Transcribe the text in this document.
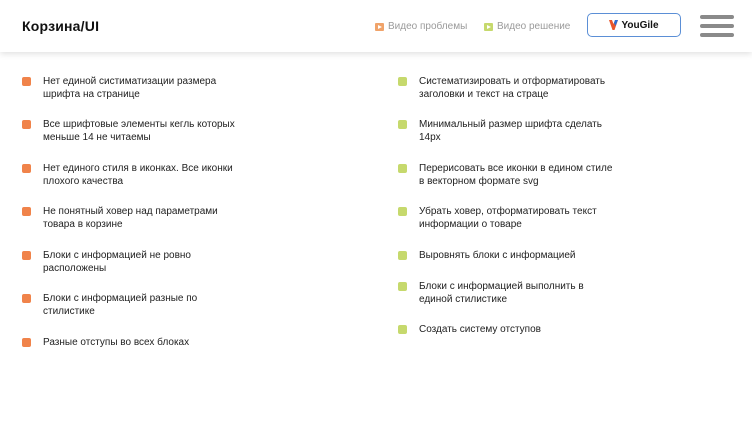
Корзина/UI	Видео проблемы	Видео решение	YouGile
Нет единой систиматизации размера
шрифта на странице
Все шрифтовые элементы кегль которых
меньше 14 не читаемы
Нет единого стиля в иконках. Все иконки
плохого качества
Не понятный ховер над параметрами
товара в корзине
Блоки с информацией не ровно
расположены
Блоки с информацией разные по
стилистике
Разные отступы во всех блоках
Систематизировать и отформатировать
заголовки и текст на страце
Минимальный размер шрифта сделать
14px
Перерисовать все иконки в едином стиле
в векторном формате svg
Убрать ховер, отформатировать текст
информации о товаре
Выровнять блоки с информацией
Блоки с информацией выполнить в
единой стилистике
Создать систему отступов
